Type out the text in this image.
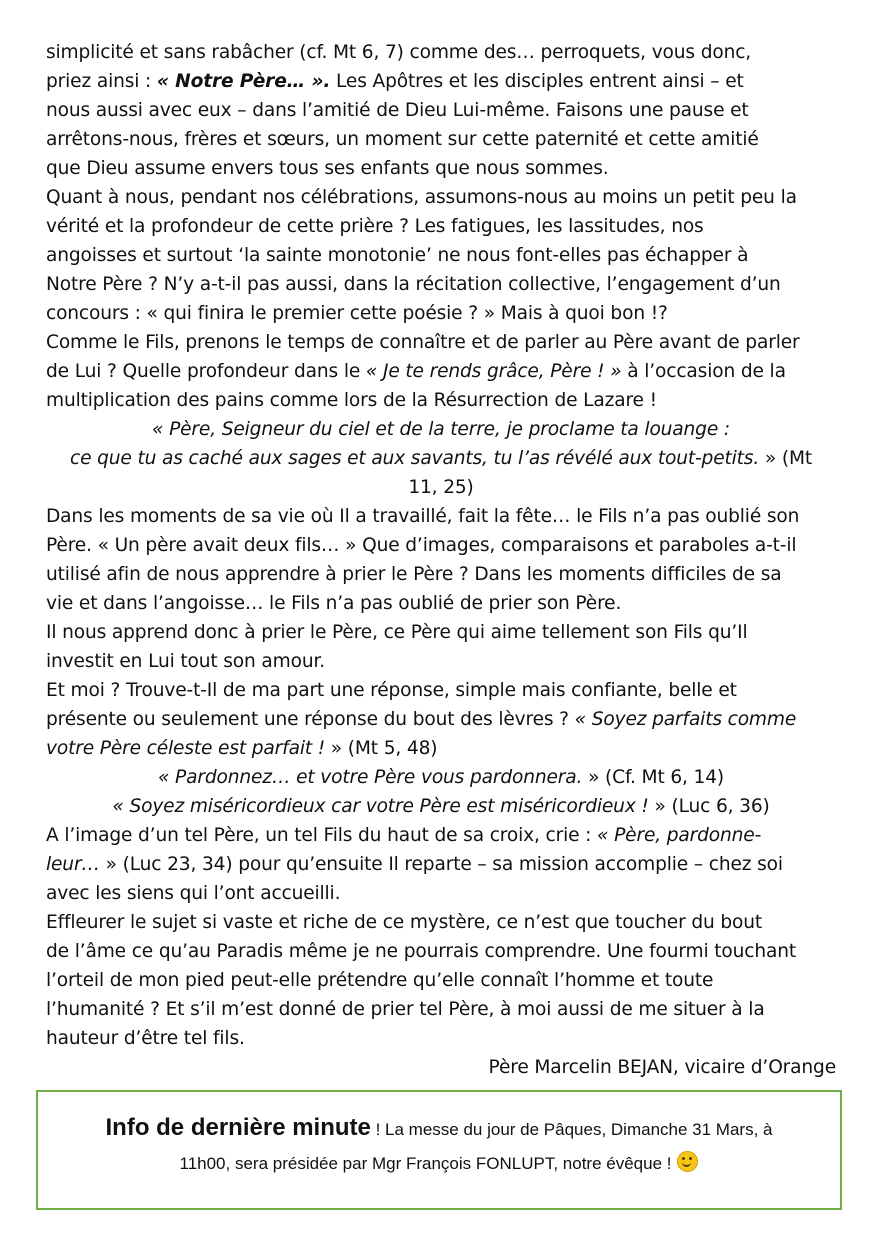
simplicité et sans rabâcher (cf. Mt 6, 7) comme des… perroquets, vous donc,

priez ainsi : « Notre Père… ». Les Apôtres et les disciples entrent ainsi – et

nous aussi avec eux – dans l’amitié de Dieu Lui-même. Faisons une pause et

arrêtons-nous, frères et sœurs, un moment sur cette paternité et cette amitié

que Dieu assume envers tous ses enfants que nous sommes.

Quant à nous, pendant nos célébrations, assumons-nous au moins un petit peu la

vérité et la profondeur de cette prière ? Les fatigues, les lassitudes, nos

angoisses et surtout ‘la sainte monotonie’ ne nous font-elles pas échapper à

Notre Père ? N’y a-t-il pas aussi, dans la récitation collective, l’engagement d’un

concours : « qui finira le premier cette poésie ? » Mais à quoi bon !?

Comme le Fils, prenons le temps de connaître et de parler au Père avant de parler

de Lui ? Quelle profondeur dans le « Je te rends grâce, Père ! » à l’occasion de la

multiplication des pains comme lors de la Résurrection de Lazare !

« Père, Seigneur du ciel et de la terre, je proclame ta louange :

ce que tu as caché aux sages et aux savants, tu l’as révélé aux tout-petits. » (Mt

11, 25)

Dans les moments de sa vie où Il a travaillé, fait la fête… le Fils n’a pas oublié son

Père. « Un père avait deux fils… » Que d’images, comparaisons et paraboles a-t-il

utilisé afin de nous apprendre à prier le Père ? Dans les moments difficiles de sa

vie et dans l’angoisse… le Fils n’a pas oublié de prier son Père.

Il nous apprend donc à prier le Père, ce Père qui aime tellement son Fils qu’Il

investit en Lui tout son amour.

Et moi ? Trouve-t-Il de ma part une réponse, simple mais confiante, belle et

présente ou seulement une réponse du bout des lèvres ? « Soyez parfaits comme

votre Père céleste est parfait ! » (Mt 5, 48)

« Pardonnez… et votre Père vous pardonnera. » (Cf. Mt 6, 14)

« Soyez miséricordieux car votre Père est miséricordieux ! » (Luc 6, 36)

A l’image d’un tel Père, un tel Fils du haut de sa croix, crie : « Père, pardonne-

leur… » (Luc 23, 34) pour qu’ensuite Il reparte – sa mission accomplie – chez soi

avec les siens qui l’ont accueilli.

Effleurer le sujet si vaste et riche de ce mystère, ce n’est que toucher du bout

de l’âme ce qu’au Paradis même je ne pourrais comprendre. Une fourmi touchant

l’orteil de mon pied peut-elle prétendre qu’elle connaît l’homme et toute

l’humanité ? Et s’il m’est donné de prier tel Père, à moi aussi de me situer à la

hauteur d’être tel fils.

Père Marcelin BEJAN, vicaire d’Orange

Info de dernière minute ! La messe du jour de Pâques, Dimanche 31 Mars, à
11h00, sera présidée par Mgr François FONLUPT, notre évêque !
